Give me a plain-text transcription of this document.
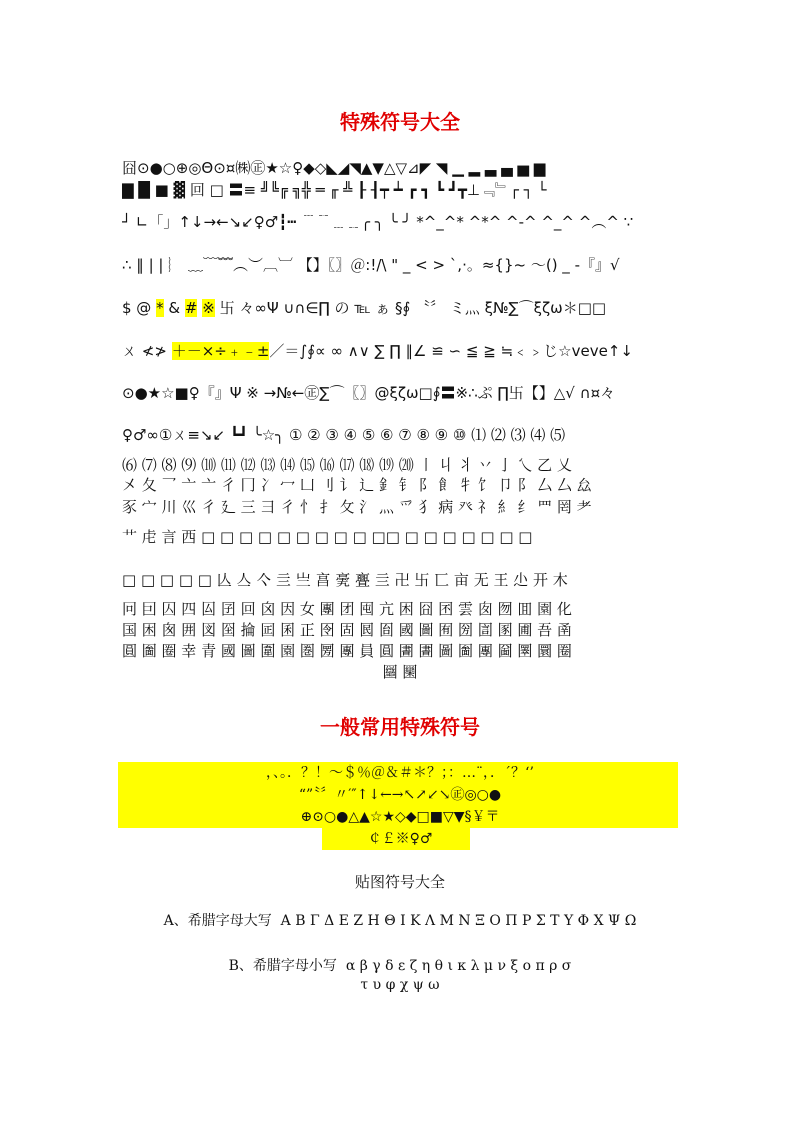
特殊符号大全
囧⊙●○⊕◎Θ⊙¤㈱㊣★☆♀◆◇◣◢◥▲▼△▽⊿◤ ◥ ▁ ▂ ▃ ▄ ▅ ▆
▇ █ ■ ▓ 回 □ 〓≡ ╝╚╔ ╗╬ ═ ╓ ╩ ┠ ┨┯ ┷ ┏ ┓ ┗ ┛┳⊥﹃﹄┌ ┐ └
┘ ∟「」↑↓→←↘↙♀♂┇┅ ﹉﹊﹍﹎╭ ╮ ╰ ╯ *^_^* ^*^ ^-^ ^_^ ^︵^ ∵
∴ ‖ | | ︴ ﹏﹋﹌︵︶︹︺ 【】〖〗＠:!/\ " _ < > `,·。≈{}~ ～() _ -『』√
$ @ * & # ※ 卐 々∞Ψ ∪∩∈∏ の ℡ ぁ §∮ 〝〞 ミ灬 ξ№∑⌒ξζω＊□□
ㄨ ≮≯ ＋－×÷﹢﹣±／＝∫∮∝ ∞ ∧∨ ∑ ∏ ∥∠ ≌ ∽ ≦ ≧ ≒﹤﹥じ☆veve↑↓
⊙●★☆■♀『』Ψ ※ →№←㊣∑⌒〖〗@ξζω□∮〓※∴ぷ ∏卐【】△√ ∩¤々
♀♂∞①ㄨ≡↘↙ ┗┛ ╰☆╮ ① ② ③ ④ ⑤ ⑥ ⑦ ⑧ ⑨ ⑩ ⑴ ⑵ ⑶ ⑷ ⑸
⑹ ⑺ ⑻ ⑼ ⑽ ⑾ ⑿ ⒀ ⒁ ⒂ ⒃ ⒄ ⒅ ⒆ ⒇ 〡 丩 丬 丷 亅 乀 乙 乂
㐅 夂 乛 亠 亠 彳 冂 冫 冖 凵 刂 讠 辶 釒 钅 阝 飠 牜 饣 卩 阝 厶 厶 厽
豕 宀 川 巛 彳 廴 三 彐 彳 忄 扌 攵 氵 灬 爫 犭 病 癶 礻 糹 纟 罒 罔 耂
艹 虍 言 西 □ □ □ □ □ □ □ □ □ □□ □ □ □ □ □ □ □
□ □ □ □ □ 亾 亼 亽 亖 亗 亯 亴 亹 亖 卍 卐 匸 亩 无 王 尐 开 木
冋 囙 囚 四 囜 囝 回 囟 因 女 團 团 囤 亢 困 囧 囨 雲 囱 囫 囬 園 化
国 困 囪 囲 図 囶 掄 囸 囷 正 囹 固 囻 囼 國 圖 囿 圀 圁 圂 圃 吾 圅
圓 圗 圈 幸 青 國 圖 圍 園 圏 圐 團 員 圓 圕 圕 圖 圗 團 圙 圛 圜 圈
圝 圞
一般常用特殊符号
，、。．？！～＄％＠＆＃＊？；：…¨，．´？‘’
“”〝〞〃′″↑↓←→↖↗↙↘㊣◎○●
⊕⊙○●△▲☆★◇◆□■▽▼§￥〒
￠￡※♀♂
贴图符号大全
A、希腊字母大写 Α Β Γ Δ Ε Ζ Η Θ Ι Κ Λ Μ Ν Ξ Ο Π Ρ Σ Τ Υ Φ Χ Ψ Ω
B、希腊字母小写 α β γ δ ε ζ η θ ι κ λ μ ν ξ ο π ρ σ
τ υ φ χ ψ ω
